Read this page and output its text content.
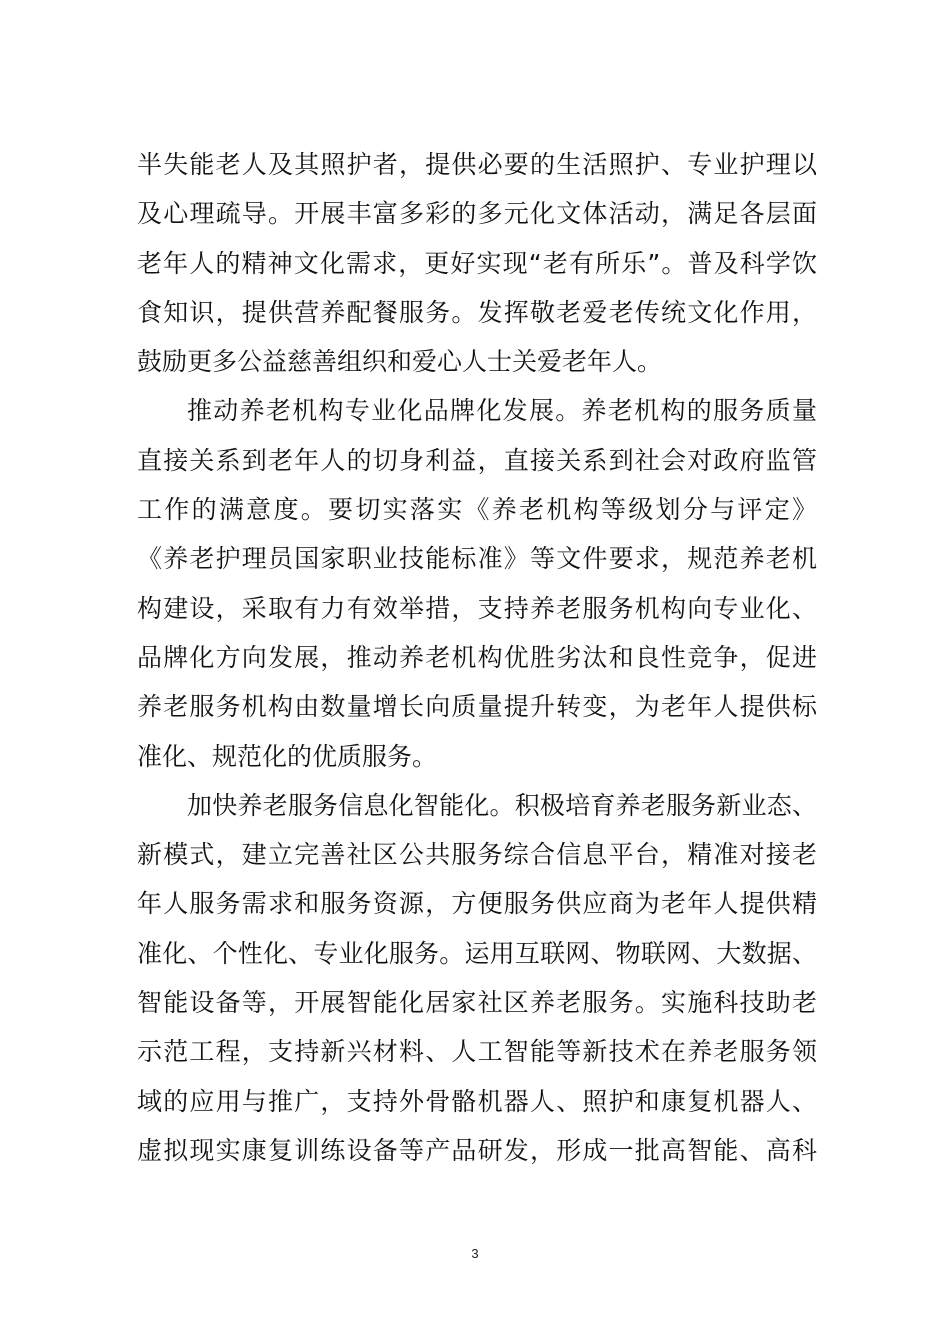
半失能老人及其照护者，提供必要的生活照护、专业护理以
及心理疏导。开展丰富多彩的多元化文体活动，满足各层面
老年人的精神文化需求，更好实现“老有所乐”。普及科学饮
食知识，提供营养配餐服务。发挥敬老爱老传统文化作用，
鼓励更多公益慈善组织和爱心人士关爱老年人。
推动养老机构专业化品牌化发展。养老机构的服务质量
直接关系到老年人的切身利益，直接关系到社会对政府监管
工作的满意度。要切实落实《养老机构等级划分与评定》
《养老护理员国家职业技能标准》等文件要求，规范养老机
构建设，采取有力有效举措，支持养老服务机构向专业化、
品牌化方向发展，推动养老机构优胜劣汰和良性竞争，促进
养老服务机构由数量增长向质量提升转变，为老年人提供标
准化、规范化的优质服务。
加快养老服务信息化智能化。积极培育养老服务新业态、
新模式，建立完善社区公共服务综合信息平台，精准对接老
年人服务需求和服务资源，方便服务供应商为老年人提供精
准化、个性化、专业化服务。运用互联网、物联网、大数据、
智能设备等，开展智能化居家社区养老服务。实施科技助老
示范工程，支持新兴材料、人工智能等新技术在养老服务领
域的应用与推广，支持外骨骼机器人、照护和康复机器人、
虚拟现实康复训练设备等产品研发，形成一批高智能、高科
3
